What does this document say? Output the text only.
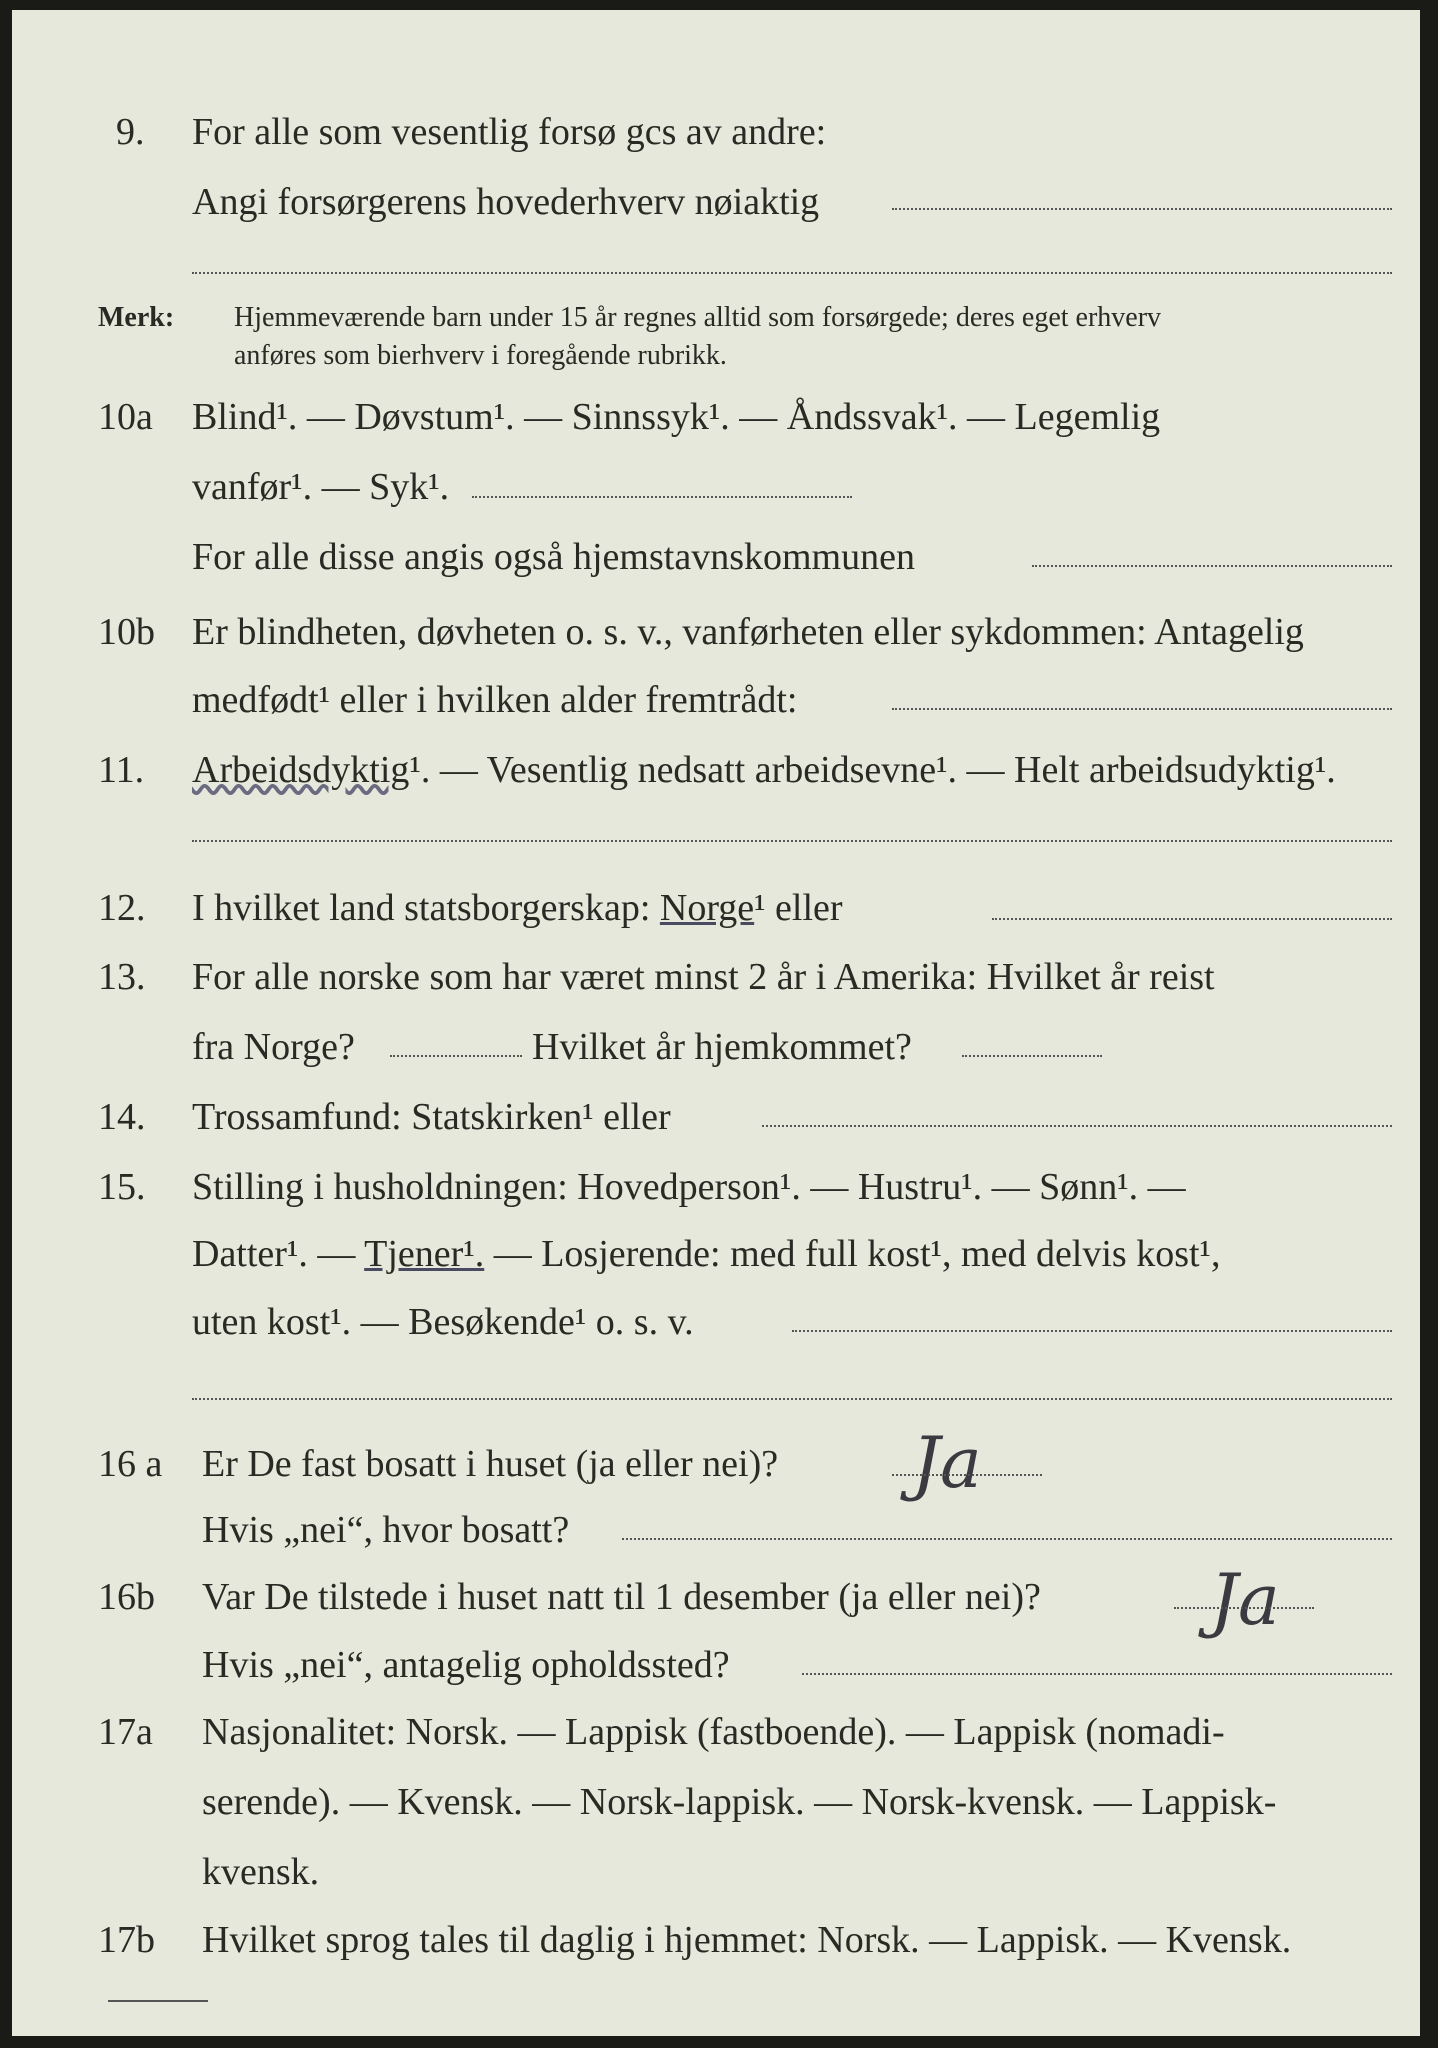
9. For alle som vesentlig forsø gcs av andre:
Angi forsørgerens hovederhverv nøiaktig
Merk: Hjemmeværende barn under 15 år regnes alltid som forsørgede; deres eget erhverv
anføres som bierhverv i foregående rubrikk.
10a Blind¹. — Døvstum¹. — Sinnssyk¹. — Åndssvak¹. — Legemlig
vanfør¹. — Syk¹.
For alle disse angis også hjemstavnskommunen
10b Er blindheten, døvheten o. s. v., vanførheten eller sykdommen: Antagelig
medfødt¹ eller i hvilken alder fremtrådt:
11. Arbeidsdyktig¹. — Vesentlig nedsatt arbeidsevne¹. — Helt arbeidsudyktig¹.
12. I hvilket land statsborgerskap: Norge¹ eller
13. For alle norske som har været minst 2 år i Amerika: Hvilket år reist
fra Norge?	Hvilket år hjemkommet?
14. Trossamfund: Statskirken¹ eller
15. Stilling i husholdningen: Hovedperson¹. — Hustru¹. — Sønn¹. —
Datter¹. — Tjener¹. — Losjerende: med full kost¹, med delvis kost¹,
uten kost¹. — Besøkende¹ o. s. v.
16 a Er De fast bosatt i huset (ja eller nei)? Ja
Hvis „nei“, hvor bosatt?
16b Var De tilstede i huset natt til 1 desember (ja eller nei)? Ja
Hvis „nei“, antagelig opholdssted?
17a Nasjonalitet: Norsk. — Lappisk (fastboende). — Lappisk (nomadi-
serende). — Kvensk. — Norsk-lappisk. — Norsk-kvensk. — Lappisk-
kvensk.
17b Hvilket sprog tales til daglig i hjemmet: Norsk. — Lappisk. — Kvensk.
